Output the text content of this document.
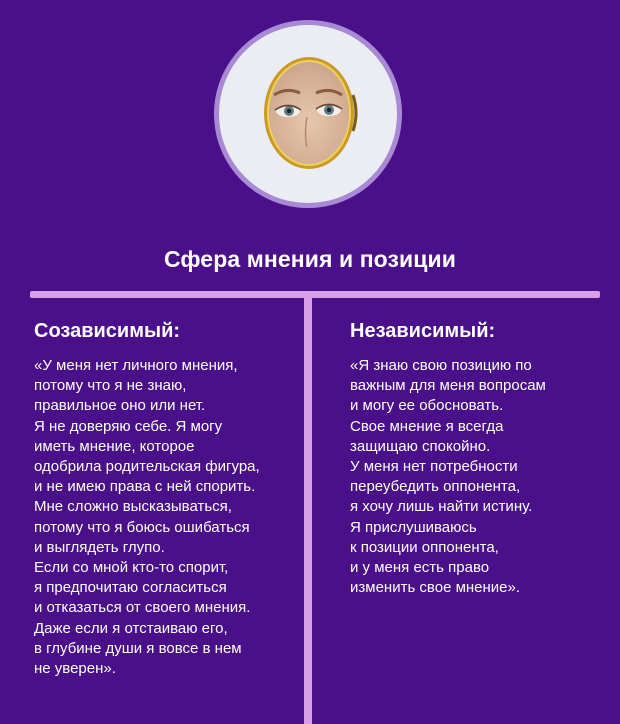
Сфера мнения и позиции
Созависимый:

«У меня нет личного мнения,
потому что я не знаю,
правильное оно или нет.
Я не доверяю себе. Я могу
иметь мнение, которое
одобрила родительская фигура,
и не имею права с ней спорить.
Мне сложно высказываться,
потому что я боюсь ошибаться
и выглядеть глупо.
Если со мной кто-то спорит,
я предпочитаю согласиться
и отказаться от своего мнения.
Даже если я отстаиваю его,
в глубине души я вовсе в нем
не уверен».

Независимый:

«Я знаю свою позицию по
важным для меня вопросам
и могу ее обосновать.
Свое мнение я всегда
защищаю спокойно.
У меня нет потребности
переубедить оппонента,
я хочу лишь найти истину.
Я прислушиваюсь
к позиции оппонента,
и у меня есть право
изменить свое мнение».
